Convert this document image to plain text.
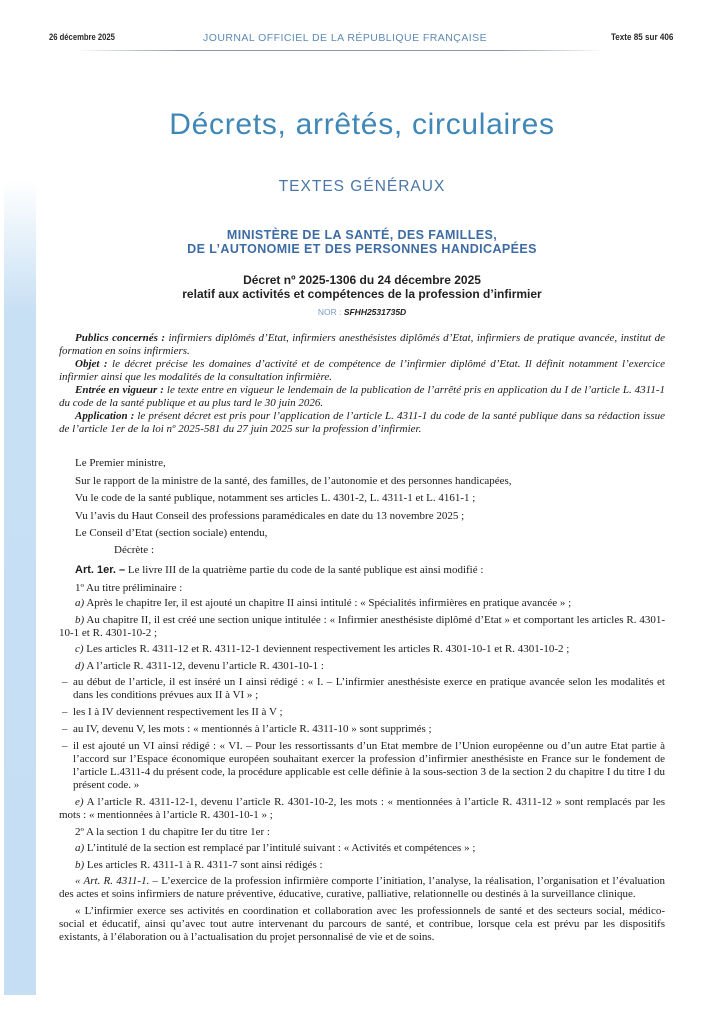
26 décembre 2025	JOURNAL OFFICIEL DE LA RÉPUBLIQUE FRANÇAISE	Texte 85 sur 406
Décrets, arrêtés, circulaires
TEXTES GÉNÉRAUX
MINISTÈRE DE LA SANTÉ, DES FAMILLES,
DE L’AUTONOMIE ET DES PERSONNES HANDICAPÉES
Décret nº 2025-1306 du 24 décembre 2025
relatif aux activités et compétences de la profession d’infirmier
NOR : SFHH2531735D

Publics concernés : infirmiers diplômés d’Etat, infirmiers anesthésistes diplômés d’Etat, infirmiers de pratique avancée, institut de formation en soins infirmiers.

Objet : le décret précise les domaines d’activité et de compétence de l’infirmier diplômé d’Etat. Il définit notamment l’exercice infirmier ainsi que les modalités de la consultation infirmière.

Entrée en vigueur : le texte entre en vigueur le lendemain de la publication de l’arrêté pris en application du I de l’article L. 4311-1 du code de la santé publique et au plus tard le 30 juin 2026.

Application : le présent décret est pris pour l’application de l’article L. 4311-1 du code de la santé publique dans sa rédaction issue de l’article 1er de la loi nº 2025-581 du 27 juin 2025 sur la profession d’infirmier.

Le Premier ministre,

Sur le rapport de la ministre de la santé, des familles, de l’autonomie et des personnes handicapées,

Vu le code de la santé publique, notamment ses articles L. 4301-2, L. 4311-1 et L. 4161-1 ;

Vu l’avis du Haut Conseil des professions paramédicales en date du 13 novembre 2025 ;

Le Conseil d’Etat (section sociale) entendu,

Décrète :

Art. 1er. – Le livre III de la quatrième partie du code de la santé publique est ainsi modifié :

1º Au titre préliminaire :

a) Après le chapitre Ier, il est ajouté un chapitre II ainsi intitulé : « Spécialités infirmières en pratique avancée » ;

b) Au chapitre II, il est créé une section unique intitulée : « Infirmier anesthésiste diplômé d’Etat » et comportant les articles R. 4301-10-1 et R. 4301-10-2 ;

c) Les articles R. 4311-12 et R. 4311-12-1 deviennent respectivement les articles R. 4301-10-1 et R. 4301-10-2 ;

d) A l’article R. 4311-12, devenu l’article R. 4301-10-1 :

– au début de l’article, il est inséré un I ainsi rédigé : « I. – L’infirmier anesthésiste exerce en pratique avancée selon les modalités et dans les conditions prévues aux II à VI » ;

– les I à IV deviennent respectivement les II à V ;

– au IV, devenu V, les mots : « mentionnés à l’article R. 4311-10 » sont supprimés ;

– il est ajouté un VI ainsi rédigé : « VI. – Pour les ressortissants d’un Etat membre de l’Union européenne ou d’un autre Etat partie à l’accord sur l’Espace économique européen souhaitant exercer la profession d’infirmier anesthésiste en France sur le fondement de l’article L.4311-4 du présent code, la procédure applicable est celle définie à la sous-section 3 de la section 2 du chapitre I du titre I du présent code. »

e) A l’article R. 4311-12-1, devenu l’article R. 4301-10-2, les mots : « mentionnées à l’article R. 4311-12 » sont remplacés par les mots : « mentionnées à l’article R. 4301-10-1 » ;

2º A la section 1 du chapitre Ier du titre 1er :

a) L’intitulé de la section est remplacé par l’intitulé suivant : « Activités et compétences » ;

b) Les articles R. 4311-1 à R. 4311-7 sont ainsi rédigés :

« Art. R. 4311-1. – L’exercice de la profession infirmière comporte l’initiation, l’analyse, la réalisation, l’organisation et l’évaluation des actes et soins infirmiers de nature préventive, éducative, curative, palliative, relationnelle ou destinés à la surveillance clinique.

« L’infirmier exerce ses activités en coordination et collaboration avec les professionnels de santé et des secteurs social, médico-social et éducatif, ainsi qu’avec tout autre intervenant du parcours de santé, et contribue, lorsque cela est prévu par les dispositifs existants, à l’élaboration ou à l’actualisation du projet personnalisé de vie et de soins.
